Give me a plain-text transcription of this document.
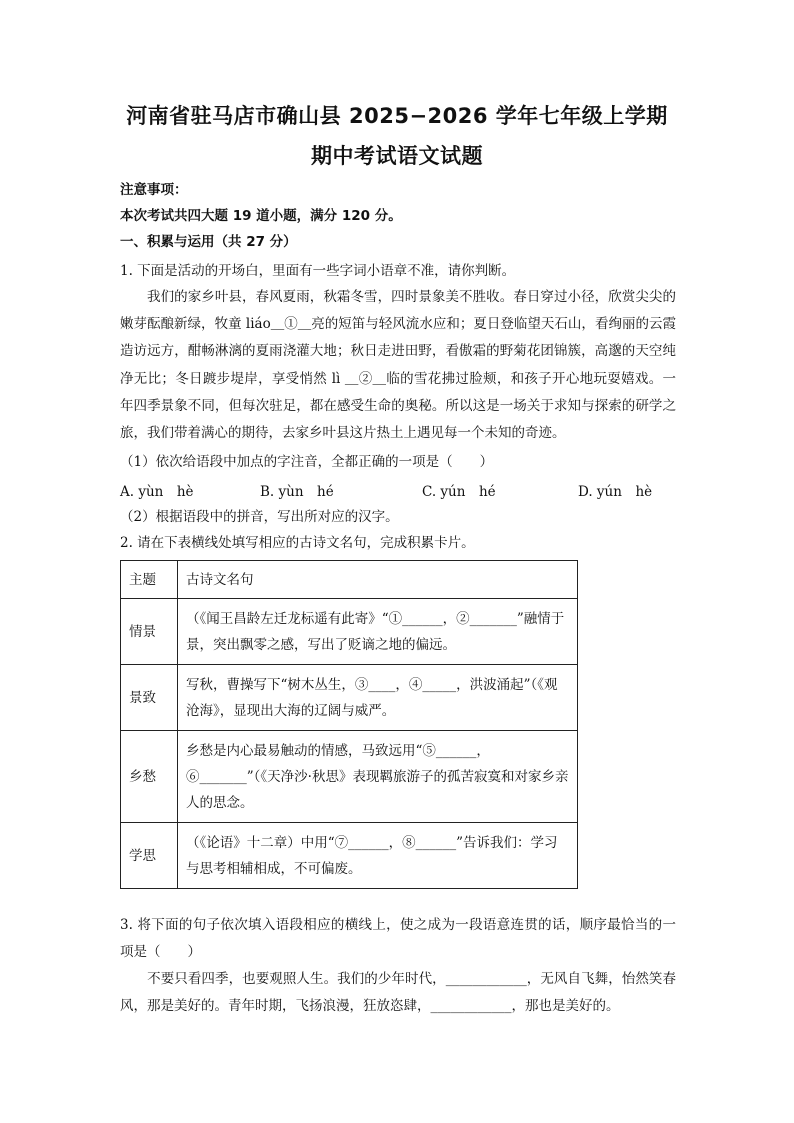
河南省驻马店市确山县 2025−2026 学年七年级上学期
期中考试语文试题
注意事项：
本次考试共四大题 19 道小题，满分 120 分。
一、积累与运用（共 27 分）
1. 下面是活动的开场白，里面有一些字词小语章不准，请你判断。
我们的家乡叶县，春风夏雨，秋霜冬雪，四时景象美不胜收。春日穿过小径，欣赏尖尖的嫩芽酝酿新绿，牧童 liáo＿①＿亮的短笛与轻风流水应和；夏日登临望天石山，看绚丽的云霞造访远方，酣畅淋漓的夏雨浇灌大地；秋日走进田野，看傲霜的野菊花团锦簇，高邈的天空纯净无比；冬日踱步堤岸，享受悄然 lì ＿②＿临的雪花拂过脸颊，和孩子开心地玩耍嬉戏。一年四季景象不同，但每次驻足，都在感受生命的奥秘。所以这是一场关于求知与探索的研学之旅，我们带着满心的期待，去家乡叶县这片热土上遇见每一个未知的奇迹。
（1）依次给语段中加点的字注音，全都正确的一项是（　　）
A. yùn　hè	B. yùn　hé	C. yún　hé	D. yún　hè
（2）根据语段中的拼音，写出所对应的汉字。
2. 请在下表横线处填写相应的古诗文名句，完成积累卡片。
主题	古诗文名句
情景	（《闻王昌龄左迁龙标遥有此寄》“①______，②_______”融情于景，突出飘零之感，写出了贬谪之地的偏远。
景致	写秋，曹操写下“树木丛生，③____，④_____，洪波涌起”（《观沧海》，显现出大海的辽阔与威严。
乡愁	乡愁是内心最易触动的情感，马致远用“⑤______，⑥_______”（《天净沙·秋思》表现羁旅游子的孤苦寂寞和对家乡亲人的思念。
学思	（《论语》十二章）中用“⑦______，⑧______”告诉我们：学习与思考相辅相成，不可偏废。
3. 将下面的句子依次填入语段相应的横线上，使之成为一段语意连贯的话，顺序最恰当的一项是（　　）
　　不要只看四季，也要观照人生。我们的少年时代，____________，无风自飞舞，怡然笑春风，那是美好的。青年时期，飞扬浪漫，狂放恣肆，____________，那也是美好的。
